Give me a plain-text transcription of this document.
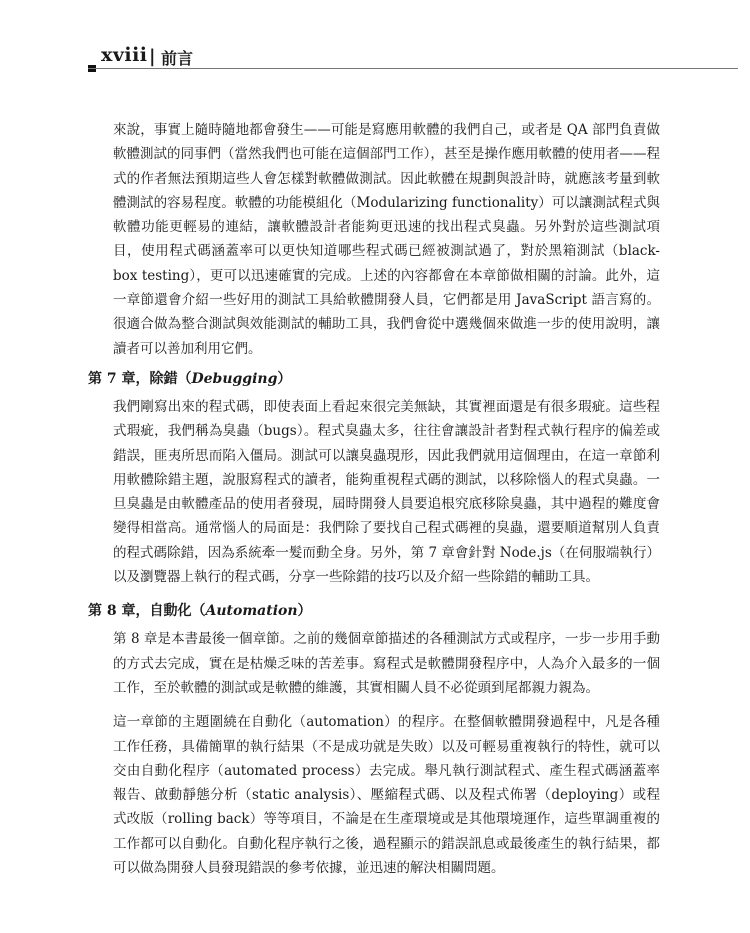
xviii | 前言

來說，事實上隨時隨地都會發生——可能是寫應用軟體的我們自己，或者是 QA 部門負責做軟體測試的同事們（當然我們也可能在這個部門工作），甚至是操作應用軟體的使用者——程式的作者無法預期這些人會怎樣對軟體做測試。因此軟體在規劃與設計時，就應該考量到軟體測試的容易程度。軟體的功能模組化（Modularizing functionality）可以讓測試程式與軟體功能更輕易的連結，讓軟體設計者能夠更迅速的找出程式臭蟲。另外對於這些測試項目，使用程式碼涵蓋率可以更快知道哪些程式碼已經被測試過了，對於黑箱測試（black-box testing），更可以迅速確實的完成。上述的內容都會在本章節做相關的討論。此外，這一章節還會介紹一些好用的測試工具給軟體開發人員，它們都是用 JavaScript 語言寫的。很適合做為整合測試與效能測試的輔助工具，我們會從中選幾個來做進一步的使用說明，讓讀者可以善加利用它們。

第 7 章，除錯（Debugging）

我們剛寫出來的程式碼，即使表面上看起來很完美無缺，其實裡面還是有很多瑕疵。這些程式瑕疵，我們稱為臭蟲（bugs）。程式臭蟲太多，往往會讓設計者對程式執行程序的偏差或錯誤，匪夷所思而陷入僵局。測試可以讓臭蟲現形，因此我們就用這個理由，在這一章節利用軟體除錯主題，說服寫程式的讀者，能夠重視程式碼的測試，以移除惱人的程式臭蟲。一旦臭蟲是由軟體產品的使用者發現，屆時開發人員要追根究底移除臭蟲，其中過程的難度會變得相當高。通常惱人的局面是：我們除了要找自己程式碼裡的臭蟲，還要順道幫別人負責的程式碼除錯，因為系統牽一髮而動全身。另外，第 7 章會針對 Node.js（在伺服端執行）以及瀏覽器上執行的程式碼，分享一些除錯的技巧以及介紹一些除錯的輔助工具。

第 8 章，自動化（Automation）

第 8 章是本書最後一個章節。之前的幾個章節描述的各種測試方式或程序，一步一步用手動的方式去完成，實在是枯燥乏味的苦差事。寫程式是軟體開發程序中，人為介入最多的一個工作，至於軟體的測試或是軟體的維護，其實相關人員不必從頭到尾都親力親為。

這一章節的主題圍繞在自動化（automation）的程序。在整個軟體開發過程中，凡是各種工作任務，具備簡單的執行結果（不是成功就是失敗）以及可輕易重複執行的特性，就可以交由自動化程序（automated process）去完成。舉凡執行測試程式、產生程式碼涵蓋率報告、啟動靜態分析（static analysis）、壓縮程式碼、以及程式佈署（deploying）或程式改版（rolling back）等等項目，不論是在生產環境或是其他環境運作，這些單調重複的工作都可以自動化。自動化程序執行之後，過程顯示的錯誤訊息或最後產生的執行結果，都可以做為開發人員發現錯誤的參考依據，並迅速的解決相關問題。
